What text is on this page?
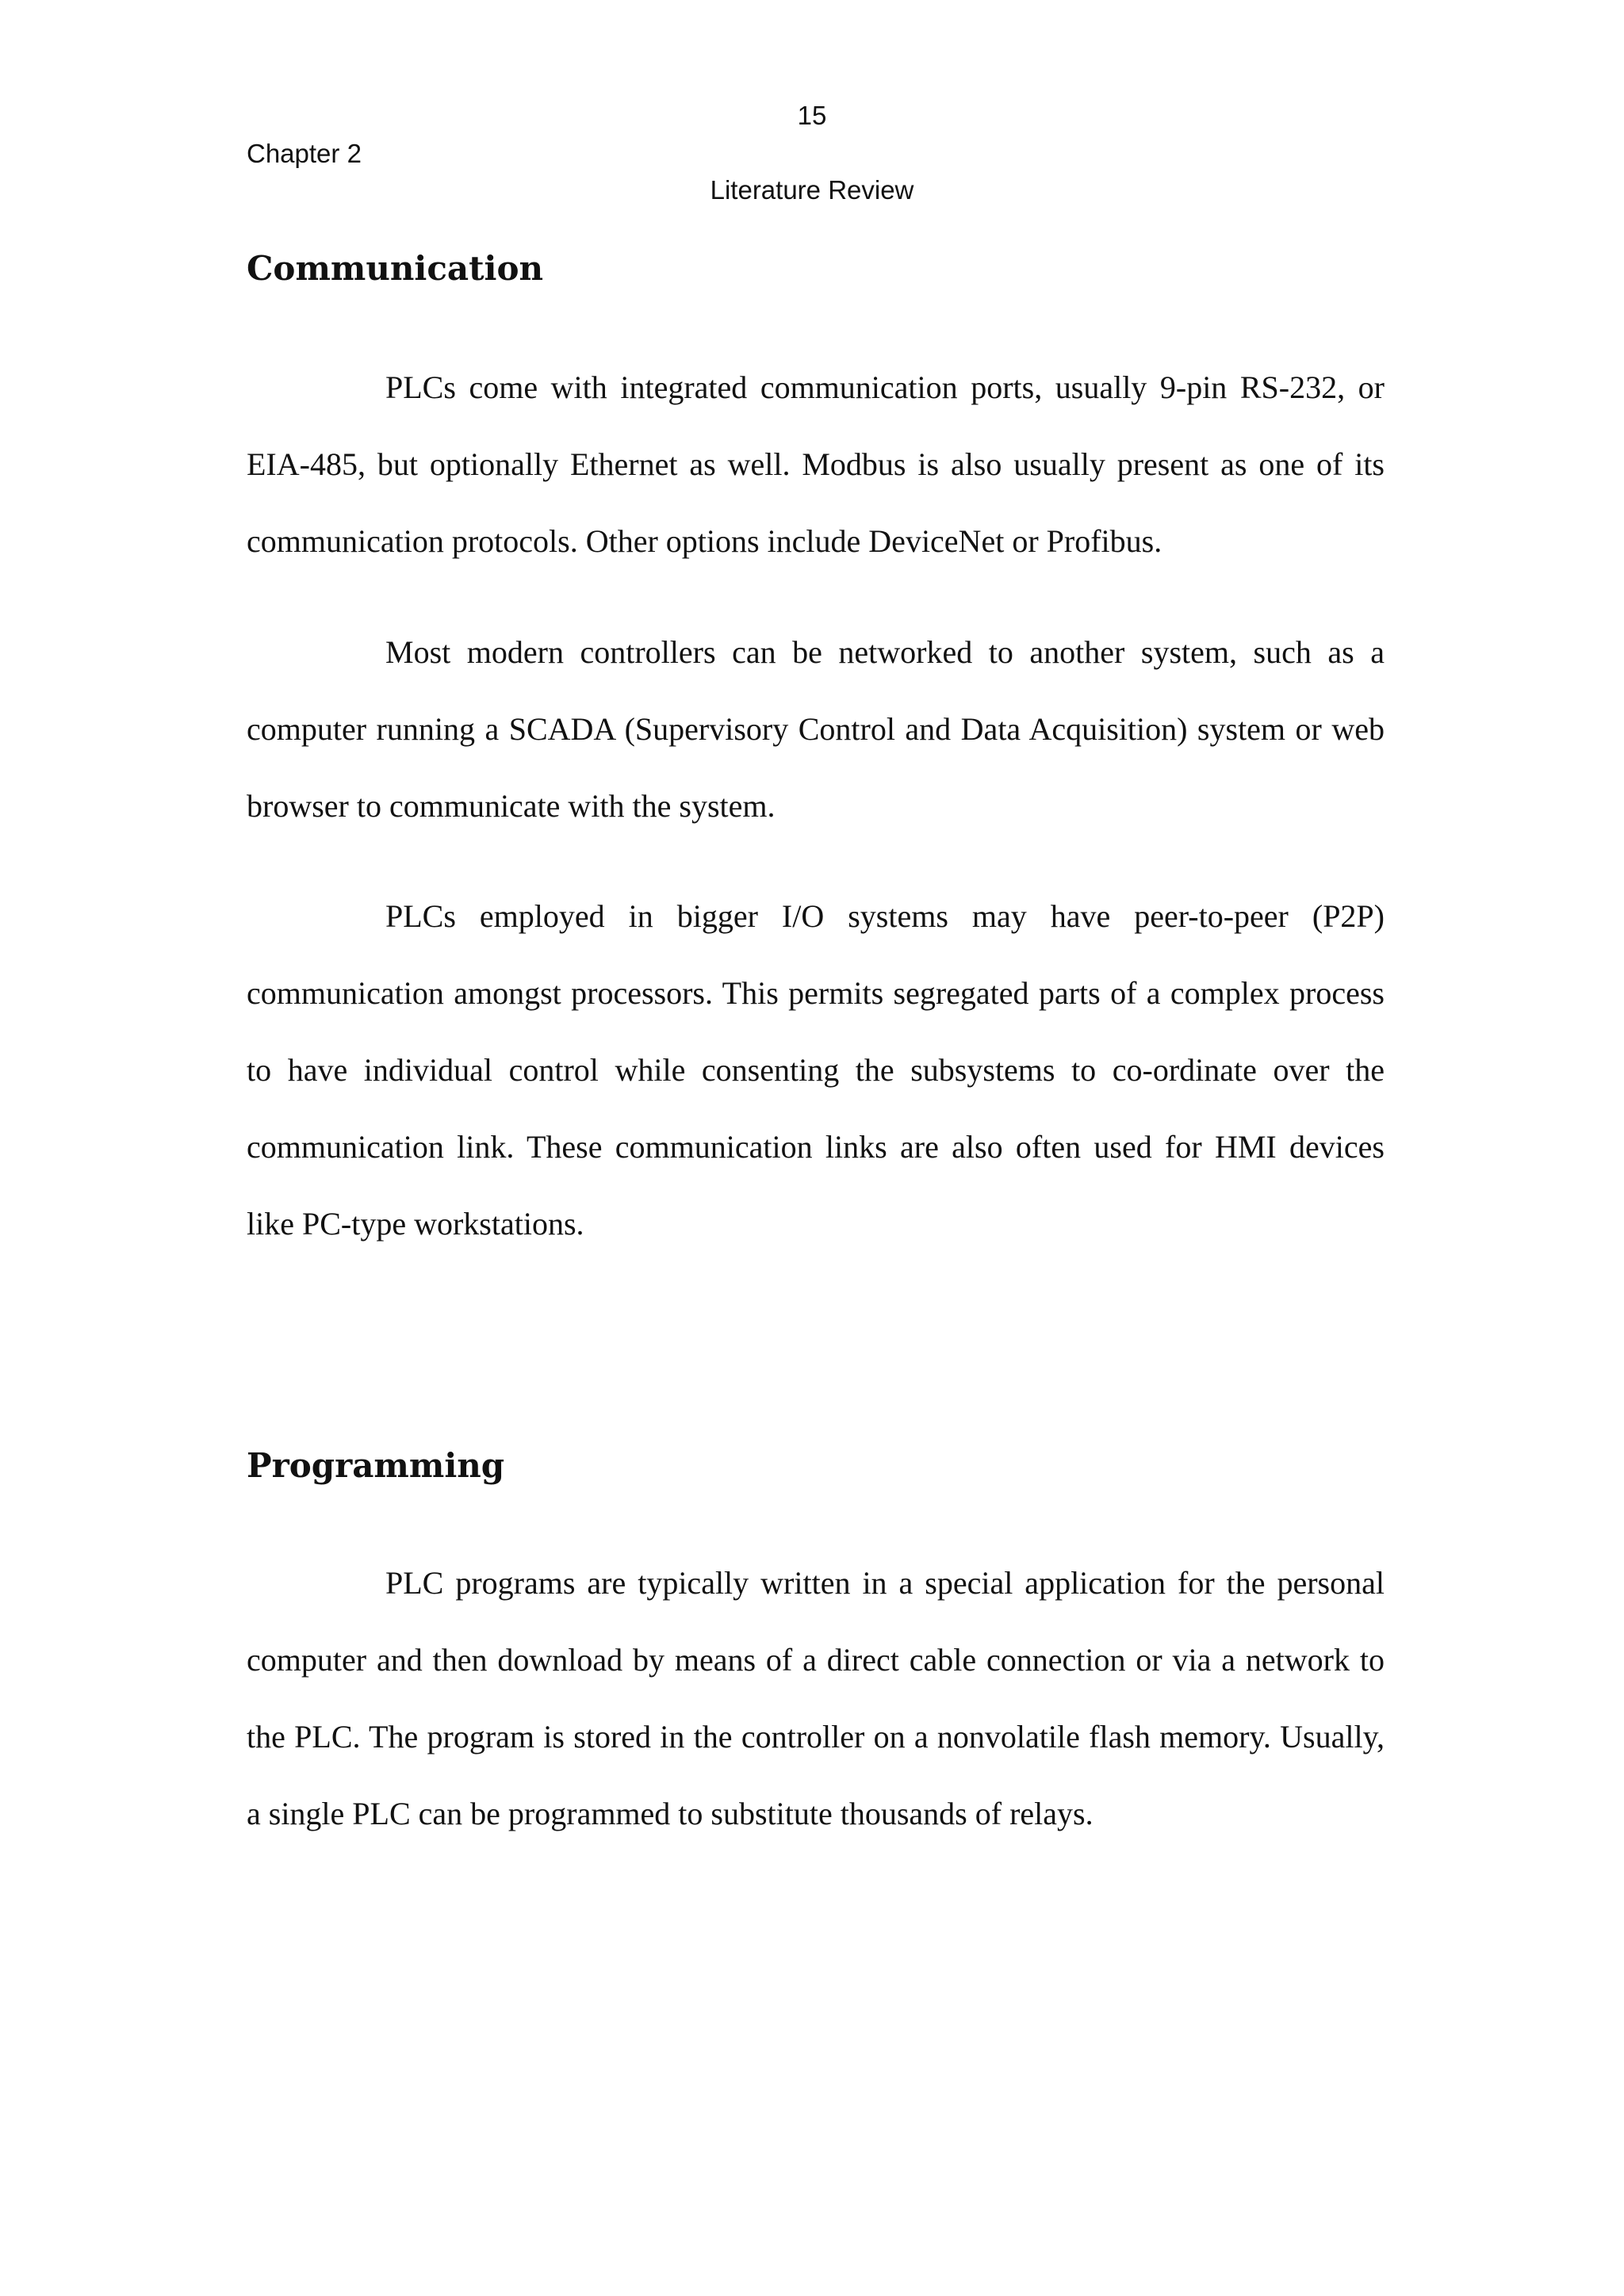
15
Chapter 2
Literature Review
Communication

PLCs come with integrated communication ports, usually 9-pin RS-232, or EIA-485, but optionally Ethernet as well. Modbus is also usually present as one of its communication protocols. Other options include DeviceNet or Profibus.

Most modern controllers can be networked to another system, such as a computer running a SCADA (Supervisory Control and Data Acquisition) system or web browser to communicate with the system.

PLCs employed in bigger I/O systems may have peer-to-peer (P2P) communication amongst processors. This permits segregated parts of a complex process to have individual control while consenting the subsystems to co-ordinate over the communication link. These communication links are also often used for HMI devices like PC-type workstations.

Programming

PLC programs are typically written in a special application for the personal computer and then download by means of a direct cable connection or via a network to the PLC. The program is stored in the controller on a nonvolatile flash memory. Usually, a single PLC can be programmed to substitute thousands of relays.
